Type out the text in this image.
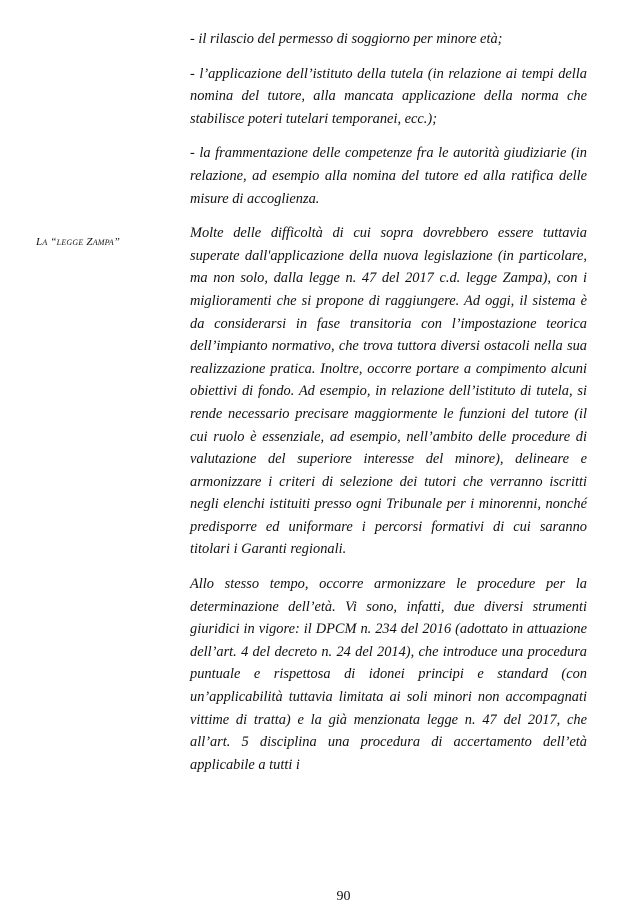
La “legge Zampa”

- il rilascio del permesso di soggiorno per minore età;

- l’applicazione dell’istituto della tutela (in relazione ai tempi della nomina del tutore, alla mancata applicazione della norma che stabilisce poteri tutelari temporanei, ecc.);

- la frammentazione delle competenze fra le autorità giudiziarie (in relazione, ad esempio alla nomina del tutore ed alla ratifica delle misure di accoglienza.

Molte delle difficoltà di cui sopra dovrebbero essere tuttavia superate dall'applicazione della nuova legislazione (in particolare, ma non solo, dalla legge n. 47 del 2017 c.d. legge Zampa), con i miglioramenti che si propone di raggiungere. Ad oggi, il sistema è da considerarsi in fase transitoria con l’impostazione teorica dell’impianto normativo, che trova tuttora diversi ostacoli nella sua realizzazione pratica. Inoltre, occorre portare a compimento alcuni obiettivi di fondo. Ad esempio, in relazione dell’istituto di tutela, si rende necessario precisare maggiormente le funzioni del tutore (il cui ruolo è essenziale, ad esempio, nell’ambito delle procedure di valutazione del superiore interesse del minore), delineare e armonizzare i criteri di selezione dei tutori che verranno iscritti negli elenchi istituiti presso ogni Tribunale per i minorenni, nonché predisporre ed uniformare i percorsi formativi di cui saranno titolari i Garanti regionali.

Allo stesso tempo, occorre armonizzare le procedure per la determinazione dell’età. Vi sono, infatti, due diversi strumenti giuridici in vigore: il DPCM n. 234 del 2016 (adottato in attuazione dell’art. 4 del decreto n. 24 del 2014), che introduce una procedura puntuale e rispettosa di idonei principi e standard (con un’applicabilità tuttavia limitata ai soli minori non accompagnati vittime di tratta) e la già menzionata legge n. 47 del 2017, che all’art. 5 disciplina una procedura di accertamento dell’età applicabile a tutti i

90
